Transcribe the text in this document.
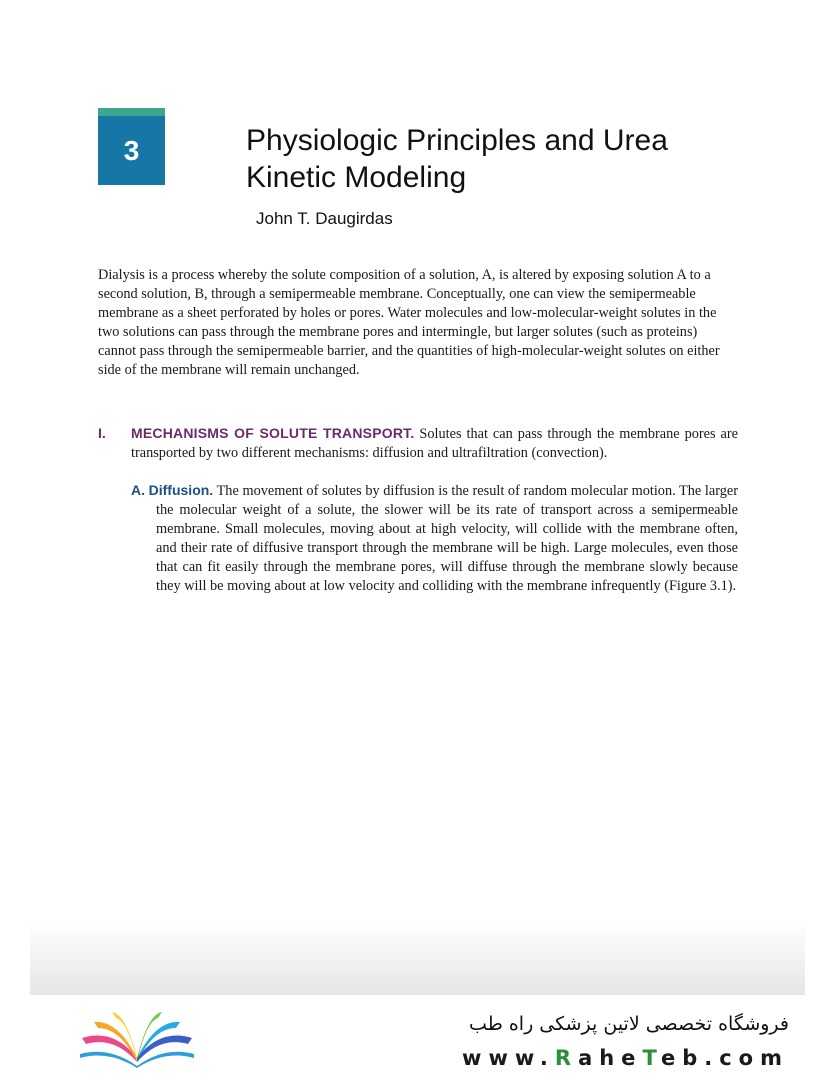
3	Physiologic Principles and Urea
Kinetic Modeling
John T. Daugirdas

Dialysis is a process whereby the solute composition of a solution, A, is altered by exposing solution A to a second solution, B, through a semipermeable membrane. Conceptually, one can view the semipermeable membrane as a sheet perforated by holes or pores. Water molecules and low-molecular-weight solutes in the two solutions can pass through the membrane pores and intermingle, but larger solutes (such as proteins) cannot pass through the semipermeable barrier, and the quantities of high-molecular-weight solutes on either side of the membrane will remain unchanged.

I. MECHANISMS OF SOLUTE TRANSPORT. Solutes that can pass through the membrane pores are transported by two different mechanisms: diffusion and ultrafiltration (convection).

A. Diffusion. The movement of solutes by diffusion is the result of random molecular motion. The larger the molecular weight of a solute, the slower will be its rate of transport across a semipermeable membrane. Small molecules, moving about at high velocity, will collide with the membrane often, and their rate of diffusive transport through the membrane will be high. Large molecules, even those that can fit easily through the membrane pores, will diffuse through the membrane slowly because they will be moving about at low velocity and colliding with the membrane infrequently (Figure 3.1).

فروشگاه تخصصی لاتین پزشکی راه طب
www.RaheTeb.com
